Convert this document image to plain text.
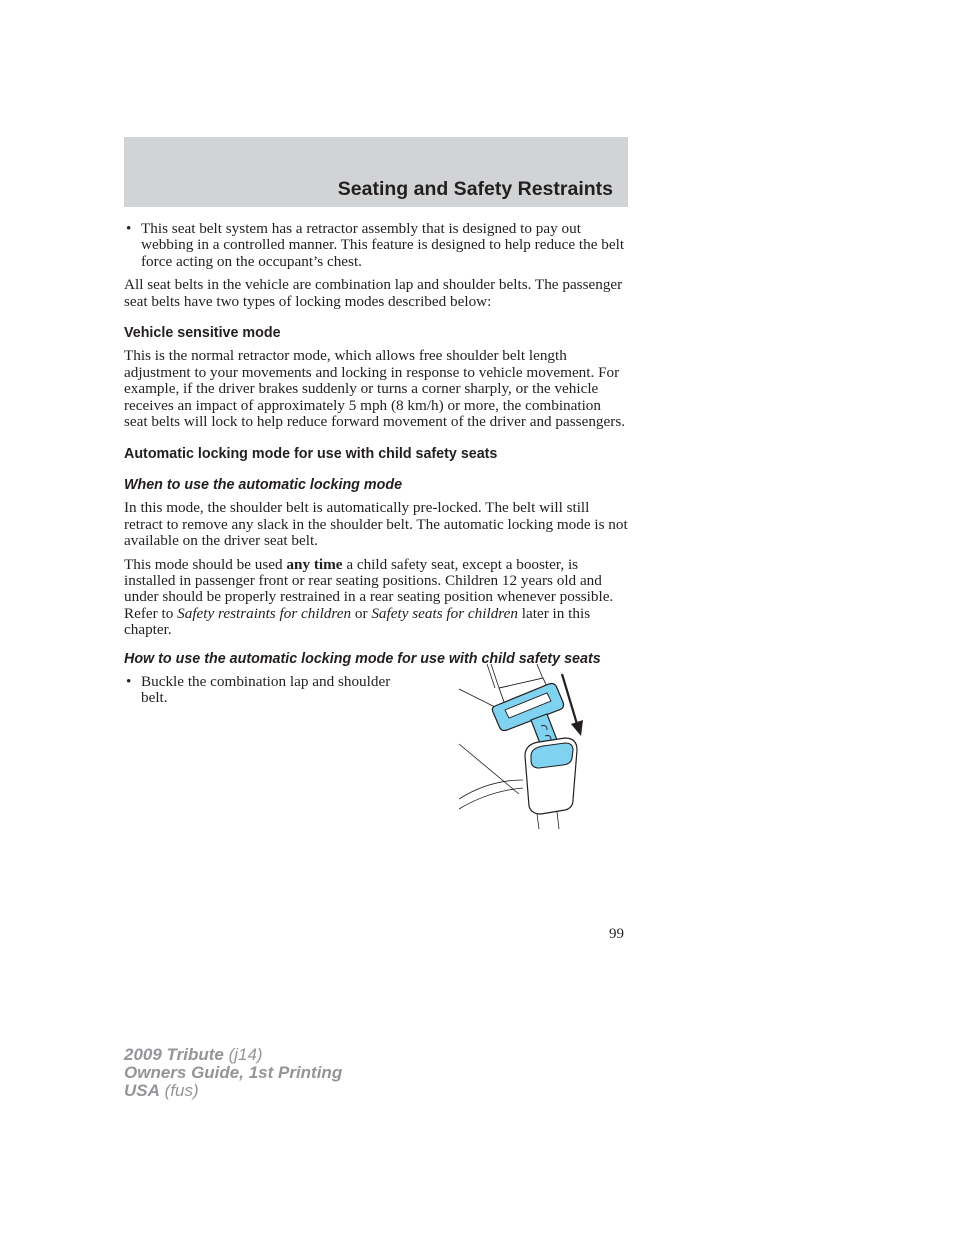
Seating and Safety Restraints
• This seat belt system has a retractor assembly that is designed to pay out webbing in a controlled manner. This feature is designed to help reduce the belt force acting on the occupant’s chest.

All seat belts in the vehicle are combination lap and shoulder belts. The passenger seat belts have two types of locking modes described below:

Vehicle sensitive mode

This is the normal retractor mode, which allows free shoulder belt length adjustment to your movements and locking in response to vehicle movement. For example, if the driver brakes suddenly or turns a corner sharply, or the vehicle receives an impact of approximately 5 mph (8 km/h) or more, the combination seat belts will lock to help reduce forward movement of the driver and passengers.

Automatic locking mode for use with child safety seats
When to use the automatic locking mode

In this mode, the shoulder belt is automatically pre-locked. The belt will still retract to remove any slack in the shoulder belt. The automatic locking mode is not available on the driver seat belt.

This mode should be used any time a child safety seat, except a booster, is installed in passenger front or rear seating positions. Children 12 years old and under should be properly restrained in a rear seating position whenever possible. Refer to Safety restraints for children or Safety seats for children later in this chapter.

How to use the automatic locking mode for use with child safety seats
• Buckle the combination lap and shoulder belt.
99
2009 Tribute (j14)
Owners Guide, 1st Printing
USA (fus)
